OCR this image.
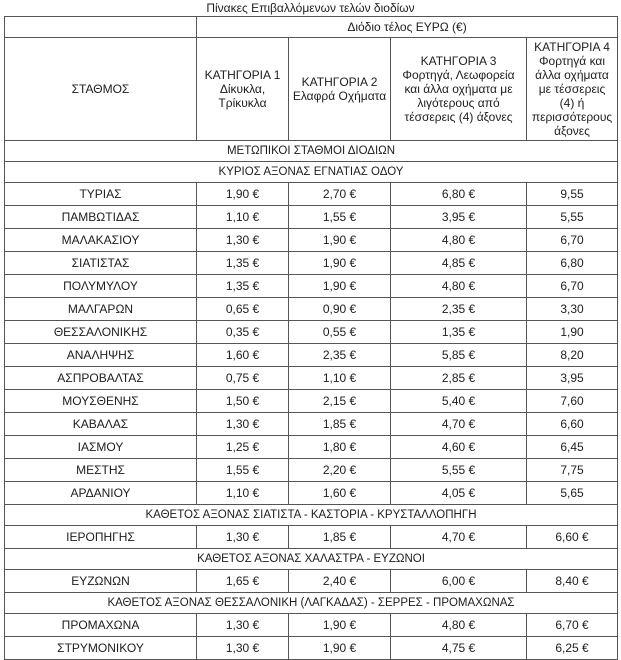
Πίνακες Επιβαλλόμενων τελών διοδίων
	Διόδιο τέλος ΕΥΡΩ (€)			
ΣΤΑΘΜΟΣ	ΚΑΤΗΓΟΡΙΑ 1 Δίκυκλα, Τρίκυκλα	ΚΑΤΗΓΟΡΙΑ 2 Ελαφρά Οχήματα	ΚΑΤΗΓΟΡΙΑ 3 Φορτηγά, Λεωφορεία και άλλα οχήματα με λιγότερους από τέσσερεις (4) άξονες	ΚΑΤΗΓΟΡΙΑ 4 Φορτηγά και άλλα οχήματα με τέσσερεις (4) ή περισσότερους άξονες
ΜΕΤΩΠΙΚΟΙ ΣΤΑΘΜΟΙ ΔΙΟΔΙΩΝ				
ΚΥΡΙΟΣ ΑΞΟΝΑΣ ΕΓΝΑΤΙΑΣ ΟΔΟΥ				
ΤΥΡΙΑΣ	1,90 €	2,70 €	6,80 €	9,55
ΠΑΜΒΩΤΙΔΑΣ	1,10 €	1,55 €	3,95 €	5,55
ΜΑΛΑΚΑΣΙΟΥ	1,30 €	1,90 €	4,80 €	6,70
ΣΙΑΤΙΣΤΑΣ	1,35 €	1,90 €	4,85 €	6,80
ΠΟΛΥΜΥΛΟΥ	1,35 €	1,90 €	4,80 €	6,70
ΜΑΛΓΑΡΩΝ	0,65 €	0,90 €	2,35 €	3,30
ΘΕΣΣΑΛΟΝΙΚΗΣ	0,35 €	0,55 €	1,35 €	1,90
ΑΝΑΛΗΨΗΣ	1,60 €	2,35 €	5,85 €	8,20
ΑΣΠΡΟΒΑΛΤΑΣ	0,75 €	1,10 €	2,85 €	3,95
ΜΟΥΣΘΕΝΗΣ	1,50 €	2,15 €	5,40 €	7,60
ΚΑΒΑΛΑΣ	1,30 €	1,85 €	4,70 €	6,60
ΙΑΣΜΟΥ	1,25 €	1,80 €	4,60 €	6,45
ΜΕΣΤΗΣ	1,55 €	2,20 €	5,55 €	7,75
ΑΡΔΑΝΙΟΥ	1,10 €	1,60 €	4,05 €	5,65
ΚΑΘΕΤΟΣ ΑΞΟΝΑΣ ΣΙΑΤΙΣΤΑ - ΚΑΣΤΟΡΙΑ - ΚΡΥΣΤΑΛΛΟΠΗΓΗ				
ΙΕΡΟΠΗΓΗΣ	1,30 €	1,85 €	4,70 €	6,60 €
ΚΑΘΕΤΟΣ ΑΞΟΝΑΣ ΧΑΛΑΣΤΡΑ - ΕΥΖΩΝΟΙ				
ΕΥΖΩΝΩΝ	1,65 €	2,40 €	6,00 €	8,40 €
ΚΑΘΕΤΟΣ ΑΞΟΝΑΣ ΘΕΣΣΑΛΟΝΙΚΗ (ΛΑΓΚΑΔΑΣ) - ΣΕΡΡΕΣ - ΠΡΟΜΑΧΩΝΑΣ				
ΠΡΟΜΑΧΩΝΑ	1,30 €	1,90 €	4,80 €	6,70 €
ΣΤΡΥΜΟΝΙΚΟΥ	1,30 €	1,90 €	4,75 €	6,25 €
